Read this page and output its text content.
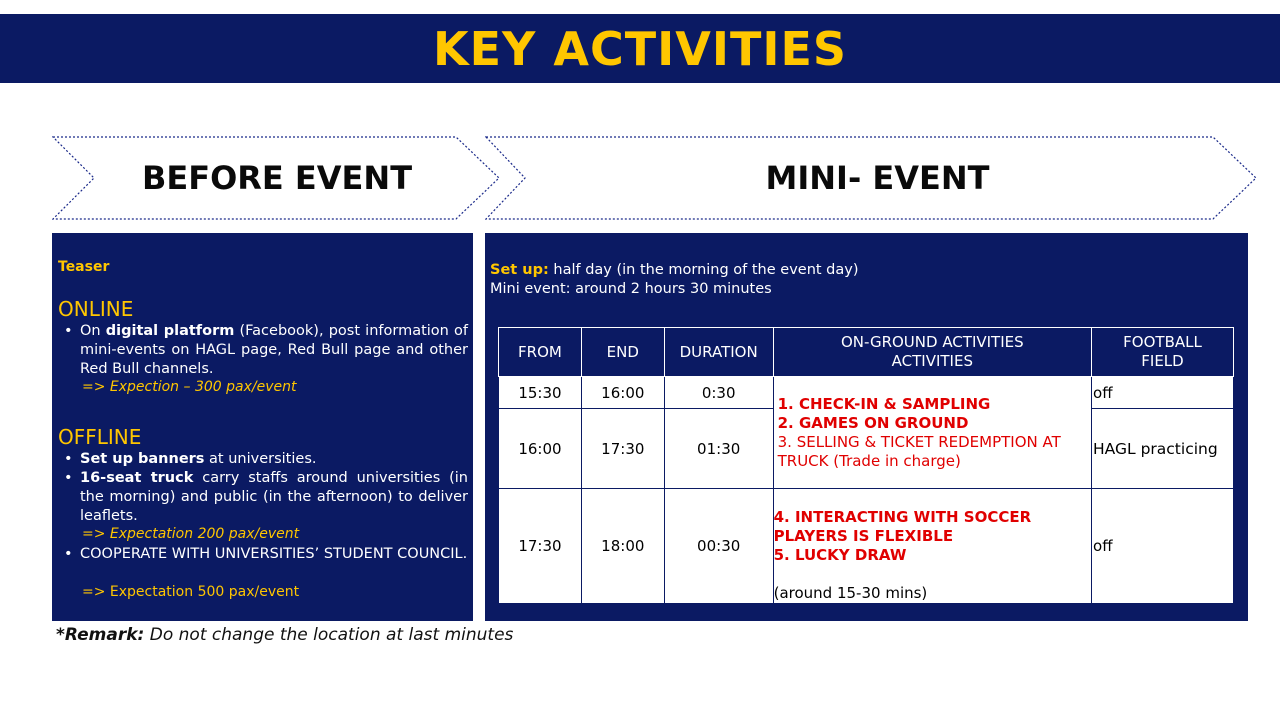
KEY ACTIVITIES
BEFORE EVENT	MINI- EVENT
Teaser
ONLINE
• On digital platform (Facebook), post information of mini-events on HAGL page, Red Bull page and other Red Bull channels.
=> Expection – 300 pax/event
OFFLINE
• Set up banners at universities.
• 16-seat truck carry staffs around universities (in the morning) and public (in the afternoon) to deliver leaflets.
=> Expectation 200 pax/event
• COOPERATE WITH UNIVERSITIES’ STUDENT COUNCIL.
=> Expectation 500 pax/event
Set up: half day (in the morning of the event day)
Mini event: around 2 hours 30 minutes
FROM	END	DURATION	ON-GROUND ACTIVITIES ACTIVITIES	FOOTBALL FIELD
15:30	16:00	0:30	1. CHECK-IN & SAMPLING
2. GAMES ON GROUND
3. SELLING & TICKET REDEMPTION AT TRUCK (Trade in charge)	off
16:00	17:30	01:30		HAGL practicing
17:30	18:00	00:30	4. INTERACTING WITH SOCCER PLAYERS IS FLEXIBLE
5. LUCKY DRAW
(around 15-30 mins)	off
*Remark: Do not change the location at last minutes
